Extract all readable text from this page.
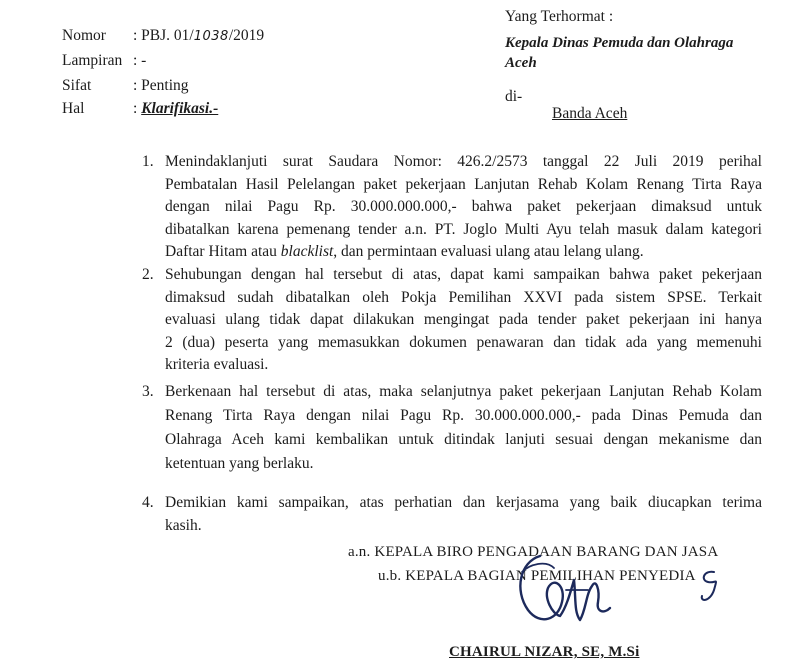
Nomor : PBJ. 01/1038/2019
Lampiran : -
Sifat	: Penting
Hal	: Klarifikasi.-
Yang Terhormat :
Kepala Dinas Pemuda dan Olahraga
Aceh
di-
Banda Aceh
1. Menindaklanjuti surat Saudara Nomor: 426.2/2573 tanggal 22 Juli 2019 perihal
Pembatalan Hasil Pelelangan paket pekerjaan Lanjutan Rehab Kolam Renang Tirta Raya
dengan nilai Pagu Rp. 30.000.000.000,- bahwa paket pekerjaan dimaksud untuk
dibatalkan karena pemenang tender a.n. PT. Joglo Multi Ayu telah masuk dalam kategori
Daftar Hitam atau blacklist, dan permintaan evaluasi ulang atau lelang ulang.
2. Sehubungan dengan hal tersebut di atas, dapat kami sampaikan bahwa paket pekerjaan
dimaksud sudah dibatalkan oleh Pokja Pemilihan XXVI pada sistem SPSE. Terkait
evaluasi ulang tidak dapat dilakukan mengingat pada tender paket pekerjaan ini hanya
2 (dua) peserta yang memasukkan dokumen penawaran dan tidak ada yang memenuhi
kriteria evaluasi.
3. Berkenaan hal tersebut di atas, maka selanjutnya paket pekerjaan Lanjutan Rehab Kolam
Renang Tirta Raya dengan nilai Pagu Rp. 30.000.000.000,- pada Dinas Pemuda dan
Olahraga Aceh kami kembalikan untuk ditindak lanjuti sesuai dengan mekanisme dan
ketentuan yang berlaku.
4. Demikian kami sampaikan, atas perhatian dan kerjasama yang baik diucapkan terima
kasih.
a.n. KEPALA BIRO PENGADAAN BARANG DAN JASA
u.b. KEPALA BAGIAN PEMILIHAN PENYEDIA
CHAIRUL NIZAR, SE, M.Si
